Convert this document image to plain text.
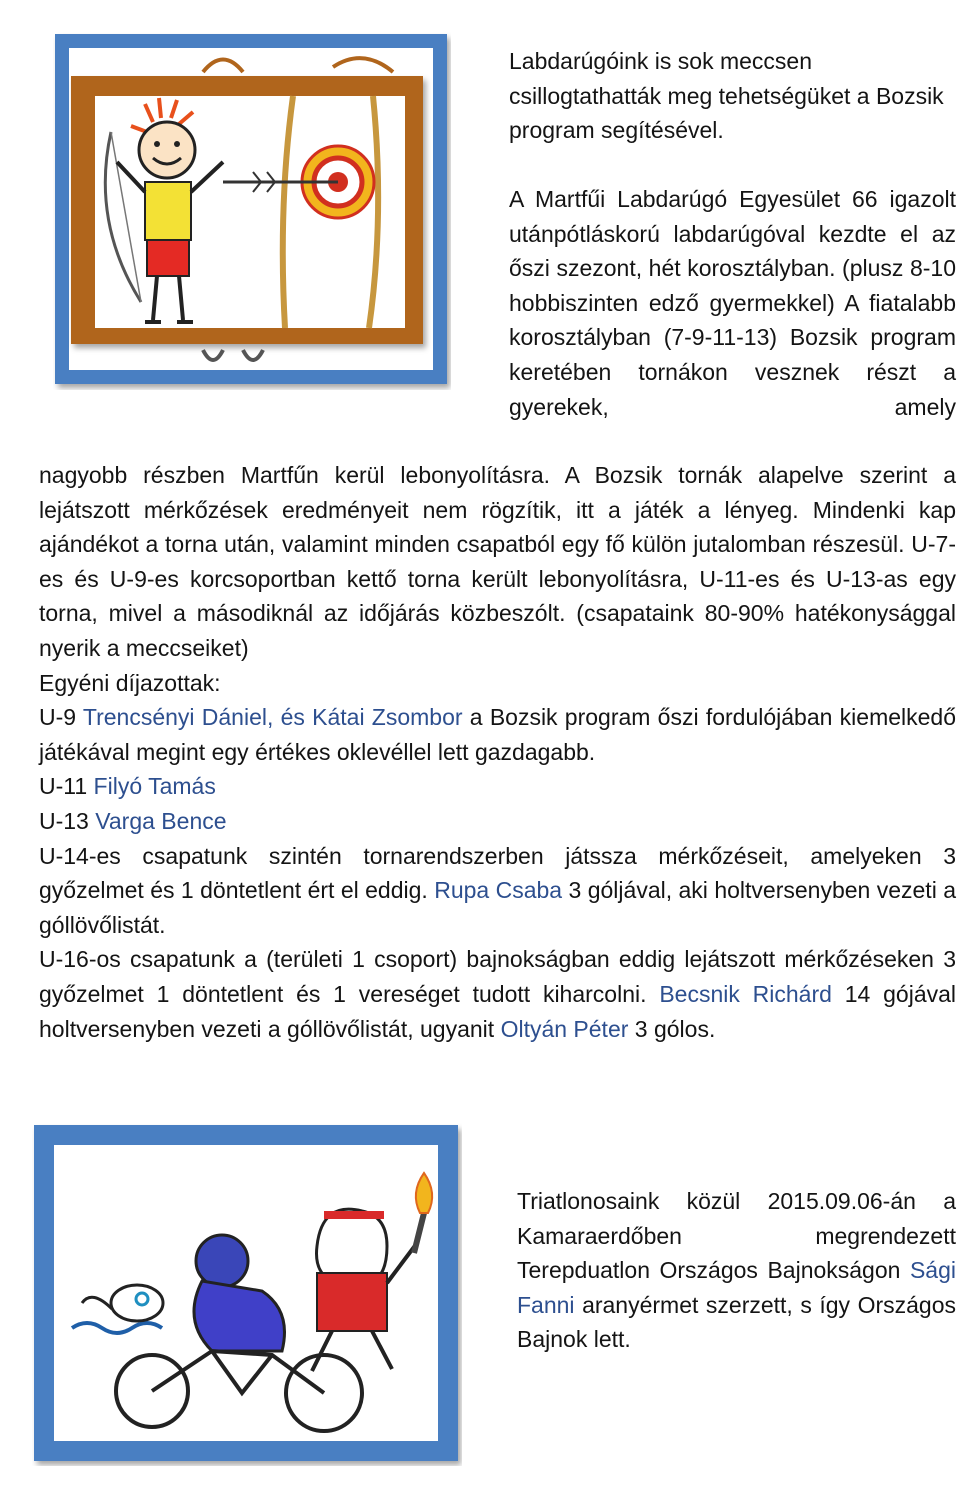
Labdarúgóink is sok meccsen csillogtathatták meg tehetségüket a Bozsik program segítésével.

A Martfűi Labdarúgó Egyesület 66 igazolt utánpótláskorú labdarúgóval kezdte el az őszi szezont, hét korosztályban. (plusz 8-10 hobbiszinten edző gyermekkel) A fiatalabb korosztályban (7-9-11-13) Bozsik program keretében tornákon vesznek részt a gyerekek, amely

nagyobb részben Martfűn kerül lebonyolításra. A Bozsik tornák alapelve szerint a lejátszott mérkőzések eredményeit nem rögzítik, itt a játék a lényeg. Mindenki kap ajándékot a torna után, valamint minden csapatból egy fő külön jutalomban részesül. U-7-es és U-9-es korcsoportban kettő torna került lebonyolításra, U-11-es és U-13-as egy torna, mivel a másodiknál az időjárás közbeszólt. (csapataink 80-90% hatékonysággal nyerik a meccseiket)

Egyéni díjazottak:

U-9 Trencsényi Dániel, és Kátai Zsombor a Bozsik program őszi fordulójában kiemelkedő játékával megint egy értékes oklevéllel lett gazdagabb.

U-11 Filyó Tamás

U-13 Varga Bence

U-14-es csapatunk szintén tornarendszerben játssza mérkőzéseit, amelyeken 3 győzelmet és 1 döntetlent ért el eddig. Rupa Csaba 3 góljával, aki holtversenyben vezeti a góllövőlistát.

U-16-os csapatunk a (területi 1 csoport) bajnokságban eddig lejátszott mérkőzéseken 3 győzelmet 1 döntetlent és 1 vereséget tudott kiharcolni. Becsnik Richárd 14 gójával holtversenyben vezeti a góllövőlistát, ugyanit Oltyán Péter 3 gólos.

Triatlonosaink közül 2015.09.06-án a Kamaraerdőben megrendezett Terepduatlon Országos Bajnokságon Sági Fanni aranyérmet szerzett, s így Országos Bajnok lett.
